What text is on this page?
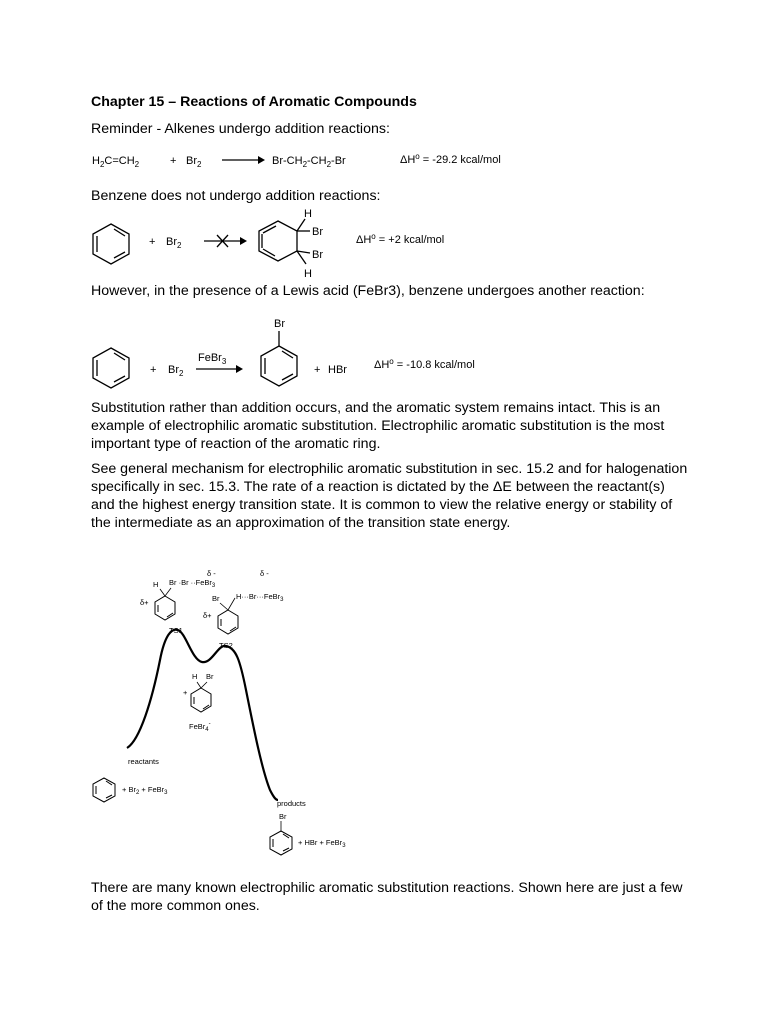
Chapter 15 – Reactions of Aromatic Compounds
Reminder - Alkenes undergo addition reactions:
Benzene does not undergo addition reactions:
However, in the presence of a Lewis acid (FeBr3), benzene undergoes another reaction:
Substitution rather than addition occurs, and the aromatic system remains intact. This is an example of electrophilic aromatic substitution. Electrophilic aromatic substitution is the most important type of reaction of the aromatic ring.
See general mechanism for electrophilic aromatic substitution in sec. 15.2 and for halogenation specifically in sec. 15.3. The rate of a reaction is dictated by the ΔE between the reactant(s) and the highest energy transition state. It is common to view the relative energy or stability of the intermediate as an approximation of the transition state energy.
There are many known electrophilic aromatic substitution reactions. Shown here are just a few of the more common ones.
$H_2C=CH_2$	+ $Br_2$	$Br-CH_2-CH_2-Br$	$\Delta H^o = -29.2$ kcal/mol
+ $Br_2$
H
Br
Br
H
$\Delta H^o = +2$ kcal/mol
+ $Br_2$
FeBr$_3$
Br
+ HBr $\Delta H^o = -10.8$ kcal/mol
H Br ·Br ··FeBr$_3$
δ -
δ+
TS1
δ -
Br H···Br···FeBr$_3$
δ+
TS2
H Br
+
FeBr$_4$-
reactants
+ $Br_2$ + FeBr$_3$
products
Br
+ HBr + FeBr$_3$
